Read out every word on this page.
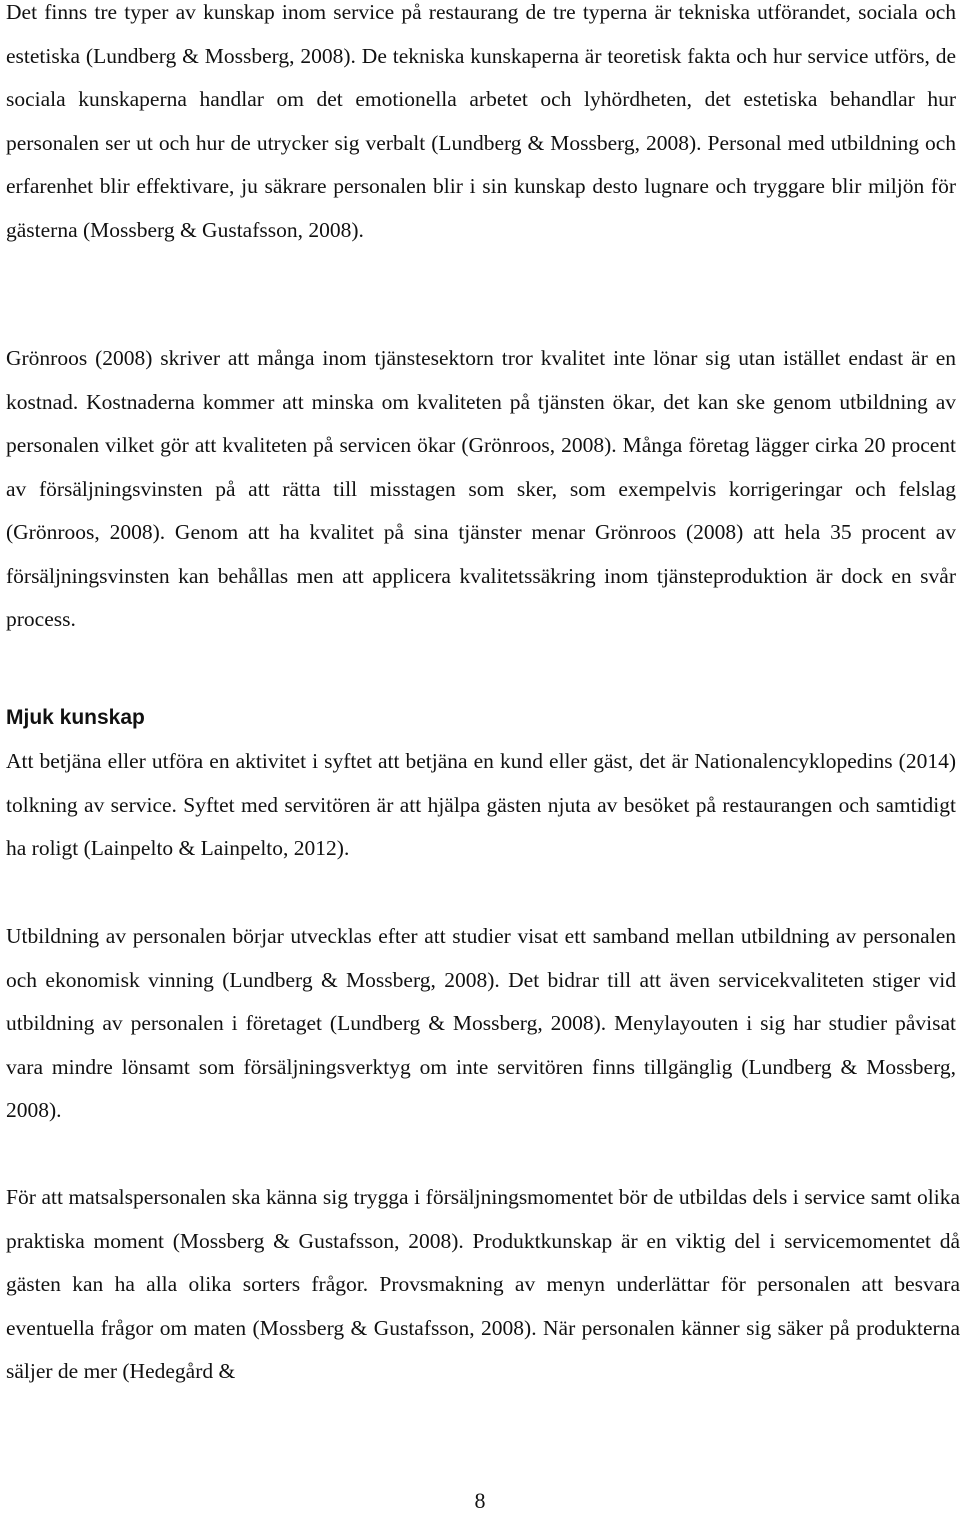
Det finns tre typer av kunskap inom service på restaurang de tre typerna är tekniska utförandet, sociala och estetiska (Lundberg & Mossberg, 2008). De tekniska kunskaperna är teoretisk fakta och hur service utförs, de sociala kunskaperna handlar om det emotionella arbetet och lyhördheten, det estetiska behandlar hur personalen ser ut och hur de utrycker sig verbalt (Lundberg & Mossberg, 2008). Personal med utbildning och erfarenhet blir effektivare, ju säkrare personalen blir i sin kunskap desto lugnare och tryggare blir miljön för gästerna (Mossberg & Gustafsson, 2008).

Grönroos (2008) skriver att många inom tjänstesektorn tror kvalitet inte lönar sig utan istället endast är en kostnad. Kostnaderna kommer att minska om kvaliteten på tjänsten ökar, det kan ske genom utbildning av personalen vilket gör att kvaliteten på servicen ökar (Grönroos, 2008). Många företag lägger cirka 20 procent av försäljningsvinsten på att rätta till misstagen som sker, som exempelvis korrigeringar och felslag (Grönroos, 2008). Genom att ha kvalitet på sina tjänster menar Grönroos (2008) att hela 35 procent av försäljningsvinsten kan behållas men att applicera kvalitetssäkring inom tjänsteproduktion är dock en svår process.

Mjuk kunskap

Att betjäna eller utföra en aktivitet i syftet att betjäna en kund eller gäst, det är Nationalencyklopedins (2014) tolkning av service. Syftet med servitören är att hjälpa gästen njuta av besöket på restaurangen och samtidigt ha roligt (Lainpelto & Lainpelto, 2012).

Utbildning av personalen börjar utvecklas efter att studier visat ett samband mellan utbildning av personalen och ekonomisk vinning (Lundberg & Mossberg, 2008). Det bidrar till att även servicekvaliteten stiger vid utbildning av personalen i företaget (Lundberg & Mossberg, 2008). Menylayouten i sig har studier påvisat vara mindre lönsamt som försäljningsverktyg om inte servitören finns tillgänglig (Lundberg & Mossberg, 2008).

För att matsalspersonalen ska känna sig trygga i försäljningsmomentet bör de utbildas dels i service samt olika praktiska moment (Mossberg & Gustafsson, 2008). Produktkunskap är en viktig del i servicemomentet då gästen kan ha alla olika sorters frågor. Provsmakning av menyn underlättar för personalen att besvara eventuella frågor om maten (Mossberg & Gustafsson, 2008). När personalen känner sig säker på produkterna säljer de mer (Hedegård &

8
